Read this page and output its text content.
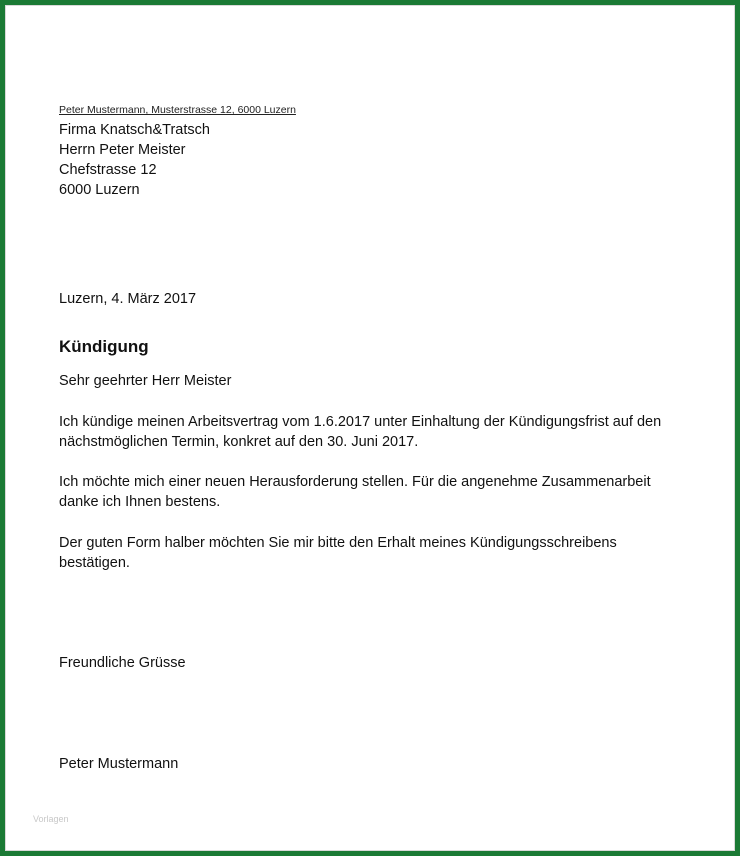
Peter Mustermann, Musterstrasse 12, 6000 Luzern
Firma Knatsch&Tratsch
Herrn Peter Meister
Chefstrasse 12
6000 Luzern
Luzern, 4. März 2017
Kündigung
Sehr geehrter Herr Meister
Ich kündige meinen Arbeitsvertrag vom 1.6.2017 unter Einhaltung der Kündigungsfrist auf den
nächstmöglichen Termin, konkret auf den 30. Juni 2017.
Ich möchte mich einer neuen Herausforderung stellen. Für die angenehme Zusammenarbeit
danke ich Ihnen bestens.
Der guten Form halber möchten Sie mir bitte den Erhalt meines Kündigungsschreibens
bestätigen.
Freundliche Grüsse
Peter Mustermann
Vorlagen
